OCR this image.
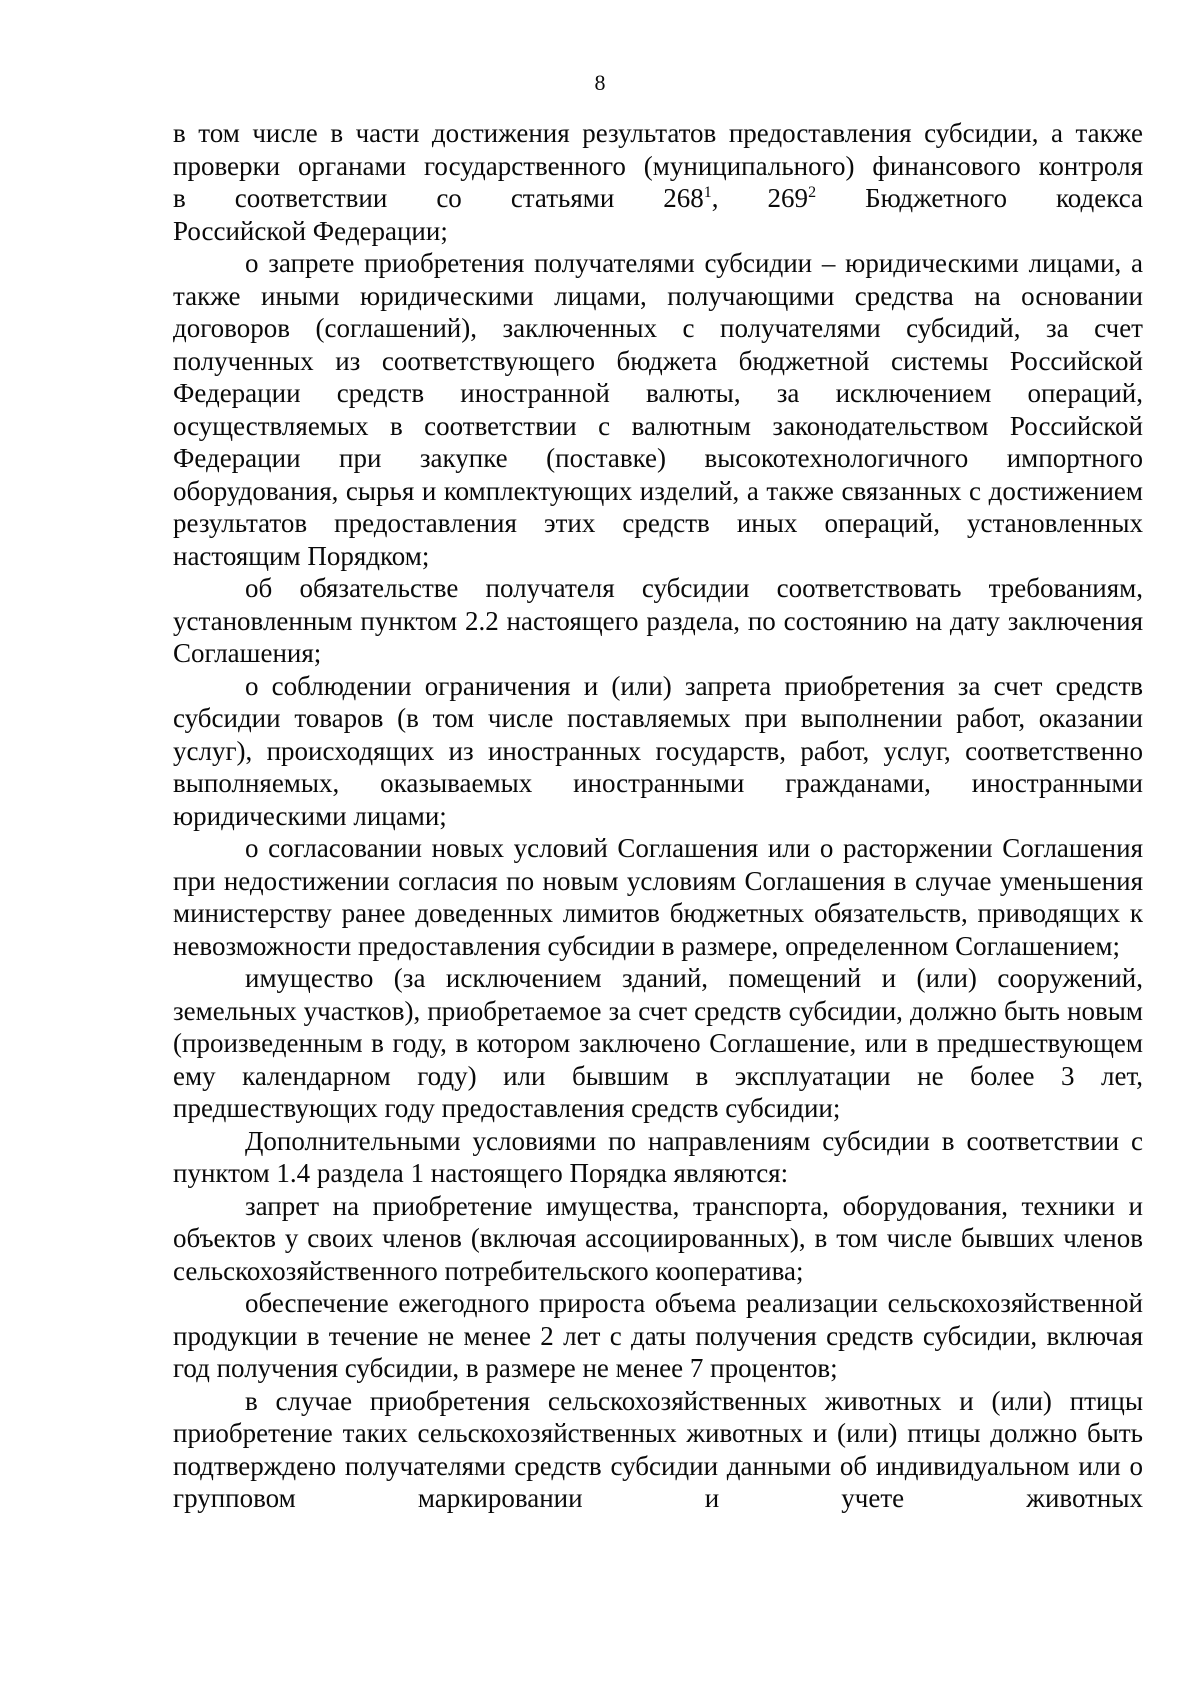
8

в том числе в части достижения результатов предоставления субсидии, а также
проверки органами государственного (муниципального) финансового контроля
в соответствии со статьями $268^1$, $269^2$ Бюджетного кодекса
Российской Федерации;

о запрете приобретения получателями субсидии – юридическими лицами, а также иными юридическими лицами, получающими средства на основании договоров (соглашений), заключенных с получателями субсидий, за счет полученных из соответствующего бюджета бюджетной системы Российской Федерации средств иностранной валюты, за исключением операций, осуществляемых в соответствии с валютным законодательством Российской Федерации при закупке (поставке) высокотехнологичного импортного оборудования, сырья и комплектующих изделий, а также связанных с достижением результатов предоставления этих средств иных операций, установленных настоящим Порядком;

об обязательстве получателя субсидии соответствовать требованиям, установленным пунктом 2.2 настоящего раздела, по состоянию на дату заключения Соглашения;

о соблюдении ограничения и (или) запрета приобретения за счет средств субсидии товаров (в том числе поставляемых при выполнении работ, оказании услуг), происходящих из иностранных государств, работ, услуг, соответственно выполняемых, оказываемых иностранными гражданами, иностранными юридическими лицами;

о согласовании новых условий Соглашения или о расторжении Соглашения при недостижении согласия по новым условиям Соглашения в случае уменьшения министерству ранее доведенных лимитов бюджетных обязательств, приводящих к невозможности предоставления субсидии в размере, определенном Соглашением;

имущество (за исключением зданий, помещений и (или) сооружений, земельных участков), приобретаемое за счет средств субсидии, должно быть новым (произведенным в году, в котором заключено Соглашение, или в предшествующем ему календарном году) или бывшим в эксплуатации не более 3 лет, предшествующих году предоставления средств субсидии;

Дополнительными условиями по направлениям субсидии в соответствии с пунктом 1.4 раздела 1 настоящего Порядка являются:

запрет на приобретение имущества, транспорта, оборудования, техники и объектов у своих членов (включая ассоциированных), в том числе бывших членов сельскохозяйственного потребительского кооператива;

обеспечение ежегодного прироста объема реализации сельскохозяйственной продукции в течение не менее 2 лет с даты получения средств субсидии, включая год получения субсидии, в размере не менее 7 процентов;

в случае приобретения сельскохозяйственных животных и (или) птицы приобретение таких сельскохозяйственных животных и (или) птицы должно быть подтверждено получателями средств субсидии данными об индивидуальном или о групповом маркировании и учете животных
